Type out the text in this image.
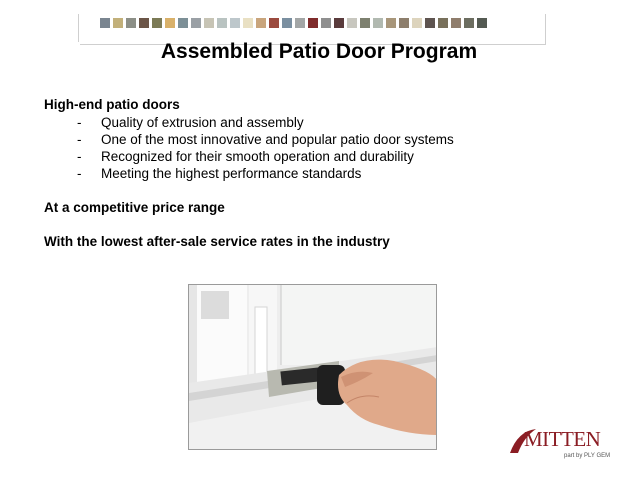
Assembled Patio Door Program
High-end patio doors
- Quality of extrusion and assembly
- One of the most innovative and popular patio door systems
- Recognized for their smooth operation and durability
- Meeting the highest performance standards
At a competitive price range
With the lowest after-sale service rates in the industry
MITTEN
part by PLY GEM
